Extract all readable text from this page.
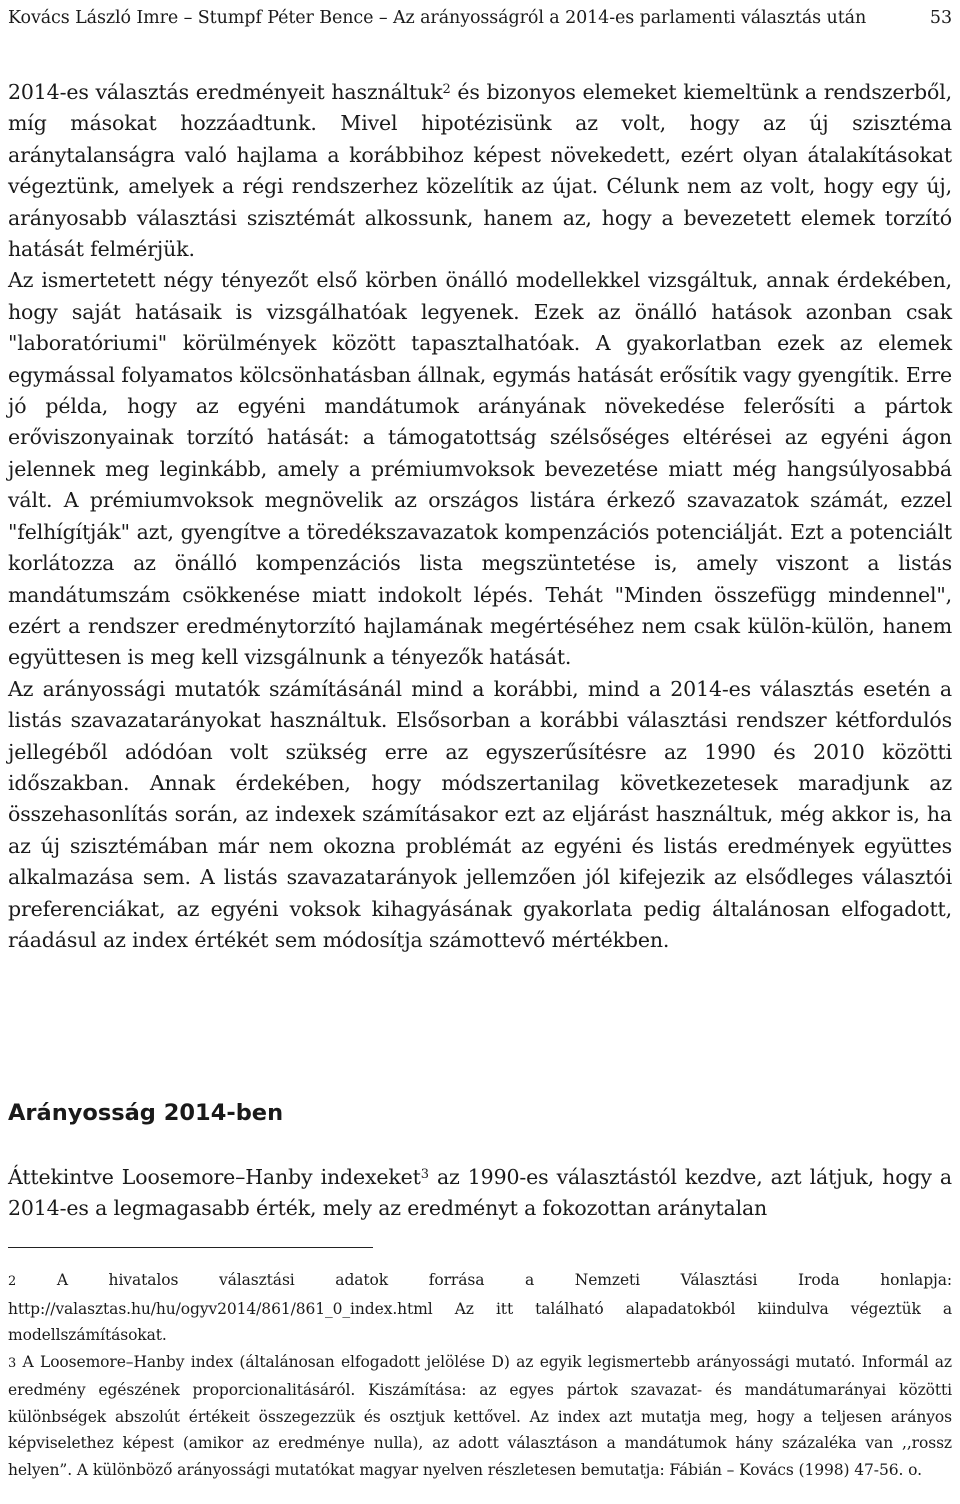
Kovács László Imre – Stumpf Péter Bence – Az arányosságról a 2014-es parlamenti választás után	53

2014-es választás eredményeit használtuk$^2$ és bizonyos elemeket kiemeltünk a rendszerből, míg másokat hozzáadtunk. Mivel hipotézisünk az volt, hogy az új szisztéma aránytalanságra való hajlama a korábbihoz képest növekedett, ezért olyan átalakításokat végeztünk, amelyek a régi rendszerhez közelítik az újat. Célunk nem az volt, hogy egy új, arányosabb választási szisztémát alkossunk, hanem az, hogy a bevezetett elemek torzító hatását felmérjük.

Az ismertetett négy tényezőt első körben önálló modellekkel vizsgáltuk, annak érdekében, hogy saját hatásaik is vizsgálhatóak legyenek. Ezek az önálló hatások azonban csak "laboratóriumi" körülmények között tapasztalhatóak. A gyakorlatban ezek az elemek egymással folyamatos kölcsönhatásban állnak, egymás hatását erősítik vagy gyengítik. Erre jó példa, hogy az egyéni mandátumok arányának növekedése felerősíti a pártok erőviszonyainak torzító hatását: a támogatottság szélsőséges eltérései az egyéni ágon jelennek meg leginkább, amely a prémiumvoksok bevezetése miatt még hangsúlyosabbá vált. A prémiumvoksok megnövelik az országos listára érkező szavazatok számát, ezzel "felhígítják" azt, gyengítve a töredékszavazatok kompenzációs potenciálját. Ezt a potenciált korlátozza az önálló kompenzációs lista megszüntetése is, amely viszont a listás mandátumszám csökkenése miatt indokolt lépés. Tehát "Minden összefügg mindennel", ezért a rendszer eredménytorzító hajlamának megértéséhez nem csak külön-külön, hanem együttesen is meg kell vizsgálnunk a tényezők hatását.

Az arányossági mutatók számításánál mind a korábbi, mind a 2014-es választás esetén a listás szavazatarányokat használtuk. Elsősorban a korábbi választási rendszer kétfordulós jellegéből adódóan volt szükség erre az egyszerűsítésre az 1990 és 2010 közötti időszakban. Annak érdekében, hogy módszertanilag következetesek maradjunk az összehasonlítás során, az indexek számításakor ezt az eljárást használtuk, még akkor is, ha az új szisztémában már nem okozna problémát az egyéni és listás eredmények együttes alkalmazása sem. A listás szavazatarányok jellemzően jól kifejezik az elsődleges választói preferenciákat, az egyéni voksok kihagyásának gyakorlata pedig általánosan elfogadott, ráadásul az index értékét sem módosítja számottevő mértékben.

Arányosság 2014-ben

Áttekintve Loosemore–Hanby indexeket$^3$ az 1990-es választástól kezdve, azt látjuk, hogy a 2014-es a legmagasabb érték, mely az eredményt a fokozottan aránytalan

2 A hivatalos választási adatok forrása a Nemzeti Választási Iroda honlapja: http://valasztas.hu/hu/ogyv2014/861/861_0_index.html Az itt található alapadatokból kiindulva végeztük a modellszámításokat.

3 A Loosemore–Hanby index (általánosan elfogadott jelölése D) az egyik legismertebb arányossági mutató. Informál az eredmény egészének proporcionalitásáról. Kiszámítása: az egyes pártok szavazat- és mandátumarányai közötti különbségek abszolút értékeit összegezzük és osztjuk kettővel. Az index azt mutatja meg, hogy a teljesen arányos képviselethez képest (amikor az eredménye nulla), az adott választáson a mandátumok hány százaléka van ,,rossz helyen”. A különböző arányossági mutatókat magyar nyelven részletesen bemutatja: Fábián – Kovács (1998) 47-56. o.
